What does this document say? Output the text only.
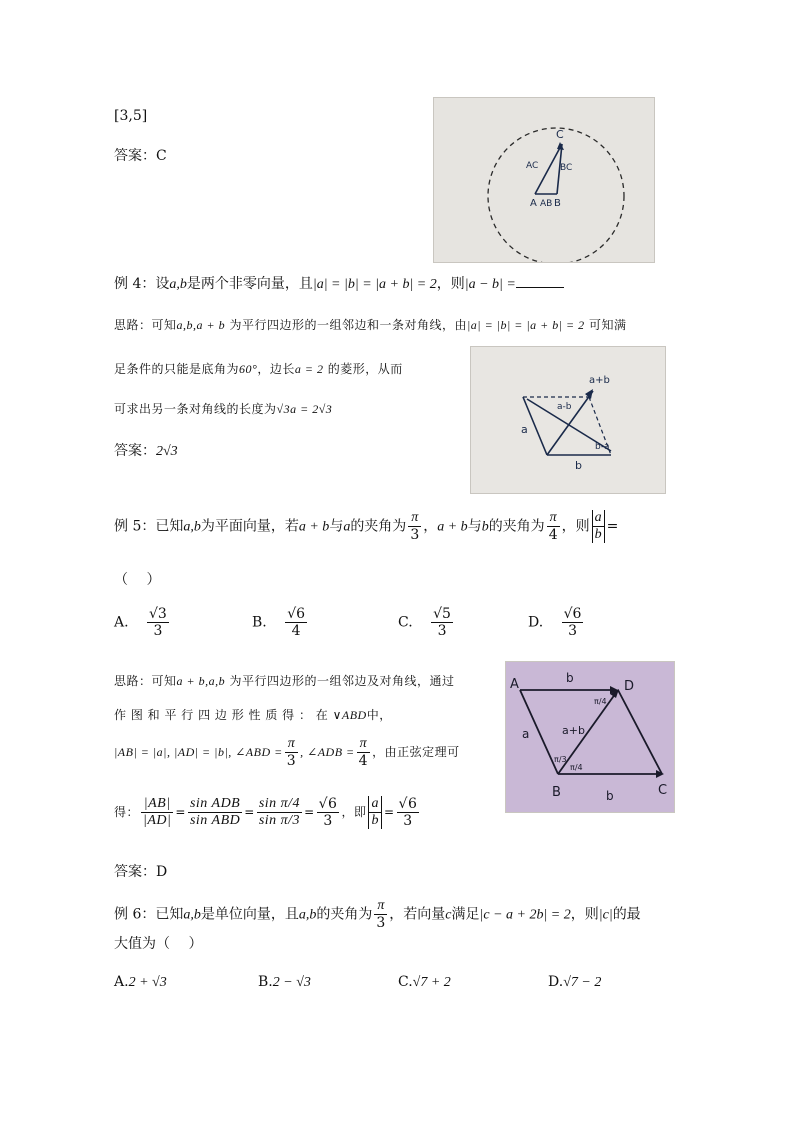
[3,5]
答案：C
C
A B
AB
AC BC
例 4：设a,b是两个非零向量，且|a| = |b| = |a + b| = 2，则|a − b| =
思路：可知a,b,a + b 为平行四边形的一组邻边和一条对角线，由|a| = |b| = |a + b| = 2 可知满
足条件的只能是底角为60°，边长a = 2 的菱形，从而
可求出另一条对角线的长度为√3a = 2√3
答案：2√3
a+b
a-b
a
b
b-a
例 5：已知a,b为平面向量，若a + b与a的夹角为 $\frac{\pi}{3}$ ，a + b与b的夹角为 $\frac{\pi}{4}$ ，则 $\frac{a}{b}$ =
（　 ）
A. $\frac{√3}{3}$	B. $\frac{√6}{4}$	C. $\frac{√5}{3}$	D. $\frac{√6}{3}$
思路：可知a + b,a,b 为平行四边形的一组邻边及对角线，通过
作 图 和 平 行 四 边 形 性 质 得 ： 在 ∨ABD中，
|AB| = |a|, |AD| = |b|, ∠ABD = $\frac{\pi}{3}$ , ∠ADB = $\frac{\pi}{4}$ ，由正弦定理可
得： $\frac{|AB|}{|AD|} = \frac{\text{sin ADB}}{\text{sin ABD}} = \frac{\text{sin π/4}}{\text{sin π/3}} = \frac{√6}{3}$ ，即 $\frac{a}{b} = \frac{√6}{3}$
A
B	C
D
a
b
b
a+b
π/3
π/4
π/4
答案：D
例 6：已知a,b是单位向量，且a,b的夹角为 $\frac{\pi}{3}$ ，若向量c满足|c − a + 2b| = 2，则|c|的最
大值为（　 ）
A.2 + √3	B.2 − √3	C.√7 + 2	D.√7 − 2
